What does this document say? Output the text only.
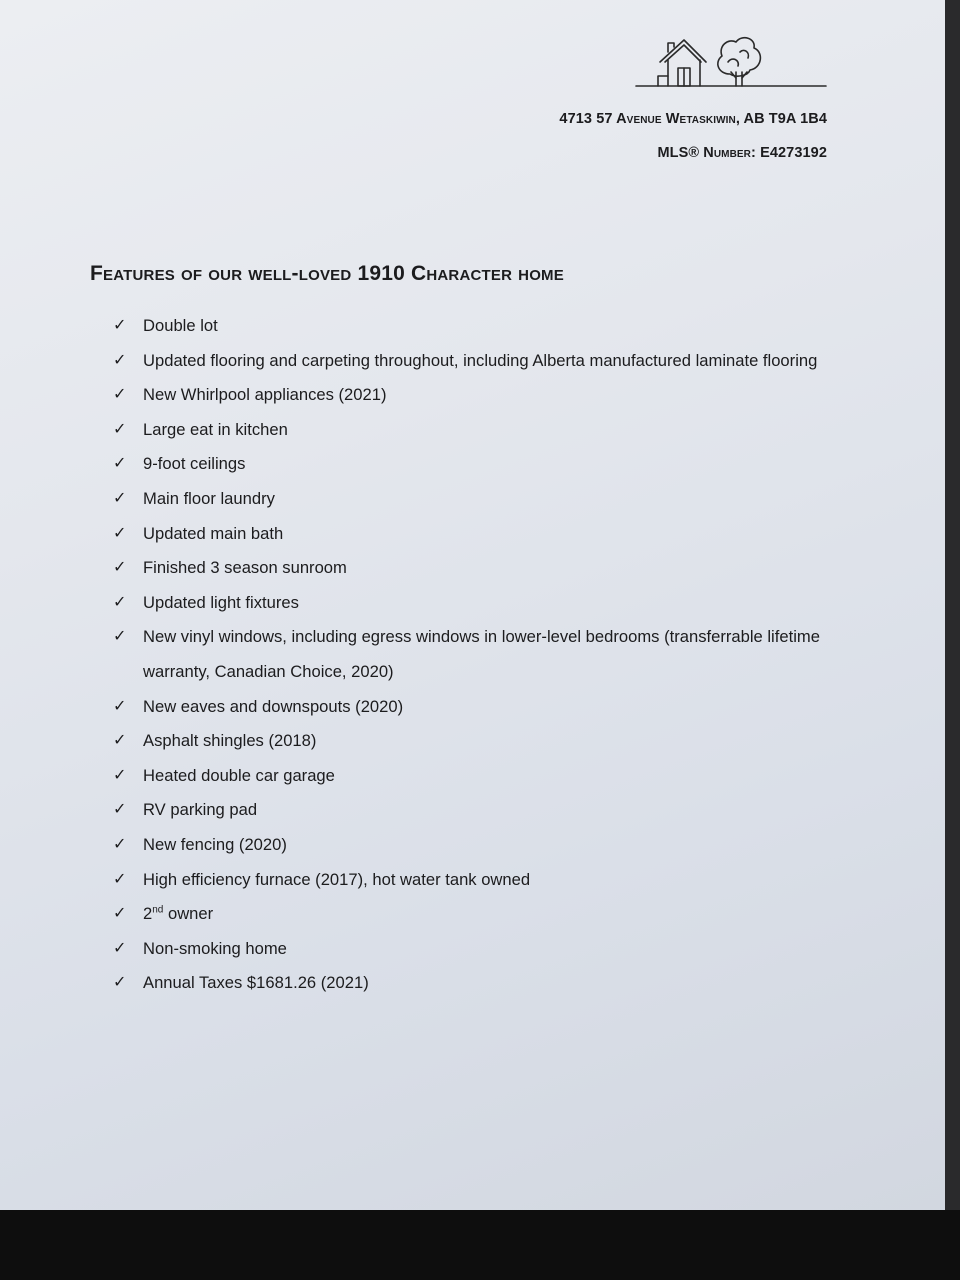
4713 57 Avenue Wetaskiwin, AB T9A 1B4
MLS® Number: E4273192
Features of our well-loved 1910 Character home
✓ Double lot
✓ Updated flooring and carpeting throughout, including Alberta manufactured laminate flooring
✓ New Whirlpool appliances (2021)
✓ Large eat in kitchen
✓ 9-foot ceilings
✓ Main floor laundry
✓ Updated main bath
✓ Finished 3 season sunroom
✓ Updated light fixtures
✓ New vinyl windows, including egress windows in lower-level bedrooms (transferrable lifetime warranty, Canadian Choice, 2020)
✓ New eaves and downspouts (2020)
✓ Asphalt shingles (2018)
✓ Heated double car garage
✓ RV parking pad
✓ New fencing (2020)
✓ High efficiency furnace (2017), hot water tank owned
✓ 2nd owner
✓ Non-smoking home
✓ Annual Taxes $1681.26 (2021)
